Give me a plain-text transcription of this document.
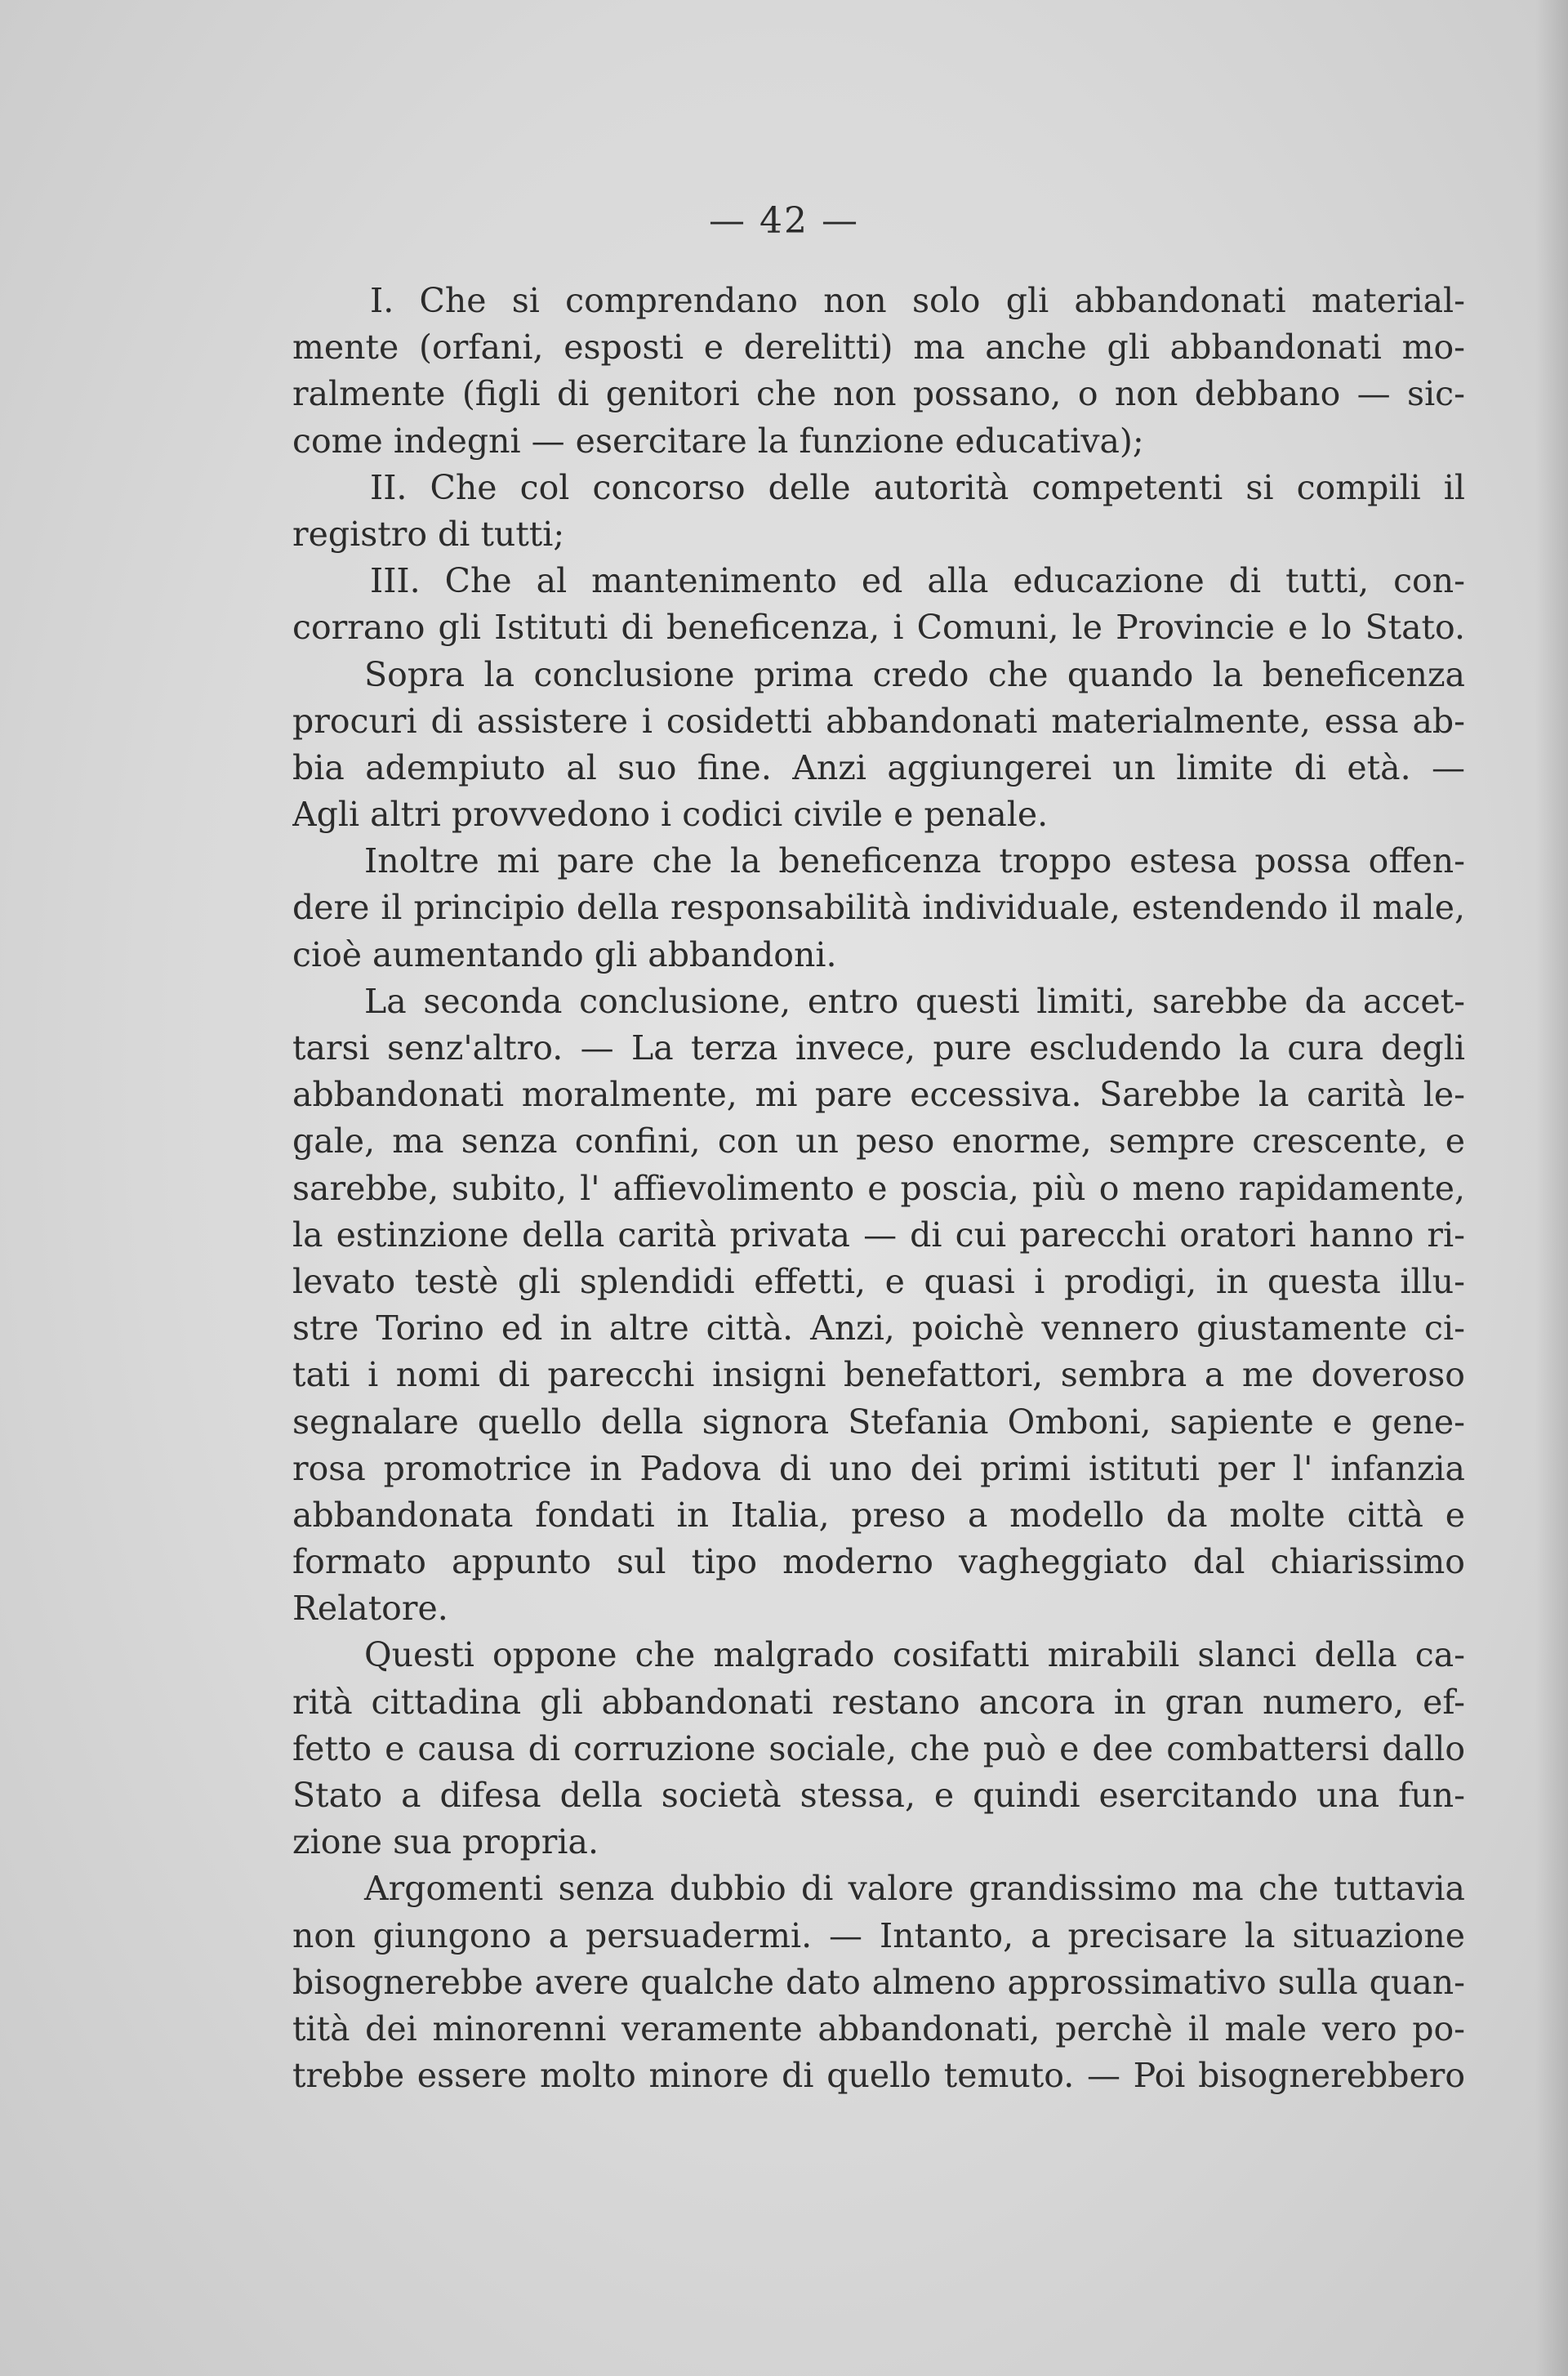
— 42 —
I. Che si comprendano non solo gli abbandonati material-
mente (orfani, esposti e derelitti) ma anche gli abbandonati mo-
ralmente (figli di genitori che non possano, o non debbano — sic-
come indegni — esercitare la funzione educativa);
II. Che col concorso delle autorità competenti si compili il
registro di tutti;
III. Che al mantenimento ed alla educazione di tutti, con-
corrano gli Istituti di beneficenza, i Comuni, le Provincie e lo Stato.
Sopra la conclusione prima credo che quando la beneficenza
procuri di assistere i cosidetti abbandonati materialmente, essa ab-
bia adempiuto al suo fine. Anzi aggiungerei un limite di età. —
Agli altri provvedono i codici civile e penale.
Inoltre mi pare che la beneficenza troppo estesa possa offen-
dere il principio della responsabilità individuale, estendendo il male,
cioè aumentando gli abbandoni.
La seconda conclusione, entro questi limiti, sarebbe da accet-
tarsi senz'altro. — La terza invece, pure escludendo la cura degli
abbandonati moralmente, mi pare eccessiva. Sarebbe la carità le-
gale, ma senza confini, con un peso enorme, sempre crescente, e
sarebbe, subito, l' affievolimento e poscia, più o meno rapidamente,
la estinzione della carità privata — di cui parecchi oratori hanno ri-
levato testè gli splendidi effetti, e quasi i prodigi, in questa illu-
stre Torino ed in altre città. Anzi, poichè vennero giustamente ci-
tati i nomi di parecchi insigni benefattori, sembra a me doveroso
segnalare quello della signora Stefania Omboni, sapiente e gene-
rosa promotrice in Padova di uno dei primi istituti per l' infanzia
abbandonata fondati in Italia, preso a modello da molte città e
formato appunto sul tipo moderno vagheggiato dal chiarissimo
Relatore.
Questi oppone che malgrado cosifatti mirabili slanci della ca-
rità cittadina gli abbandonati restano ancora in gran numero, ef-
fetto e causa di corruzione sociale, che può e dee combattersi dallo
Stato a difesa della società stessa, e quindi esercitando una fun-
zione sua propria.
Argomenti senza dubbio di valore grandissimo ma che tuttavia
non giungono a persuadermi. — Intanto, a precisare la situazione
bisognerebbe avere qualche dato almeno approssimativo sulla quan-
tità dei minorenni veramente abbandonati, perchè il male vero po-
trebbe essere molto minore di quello temuto. — Poi bisognerebbero
